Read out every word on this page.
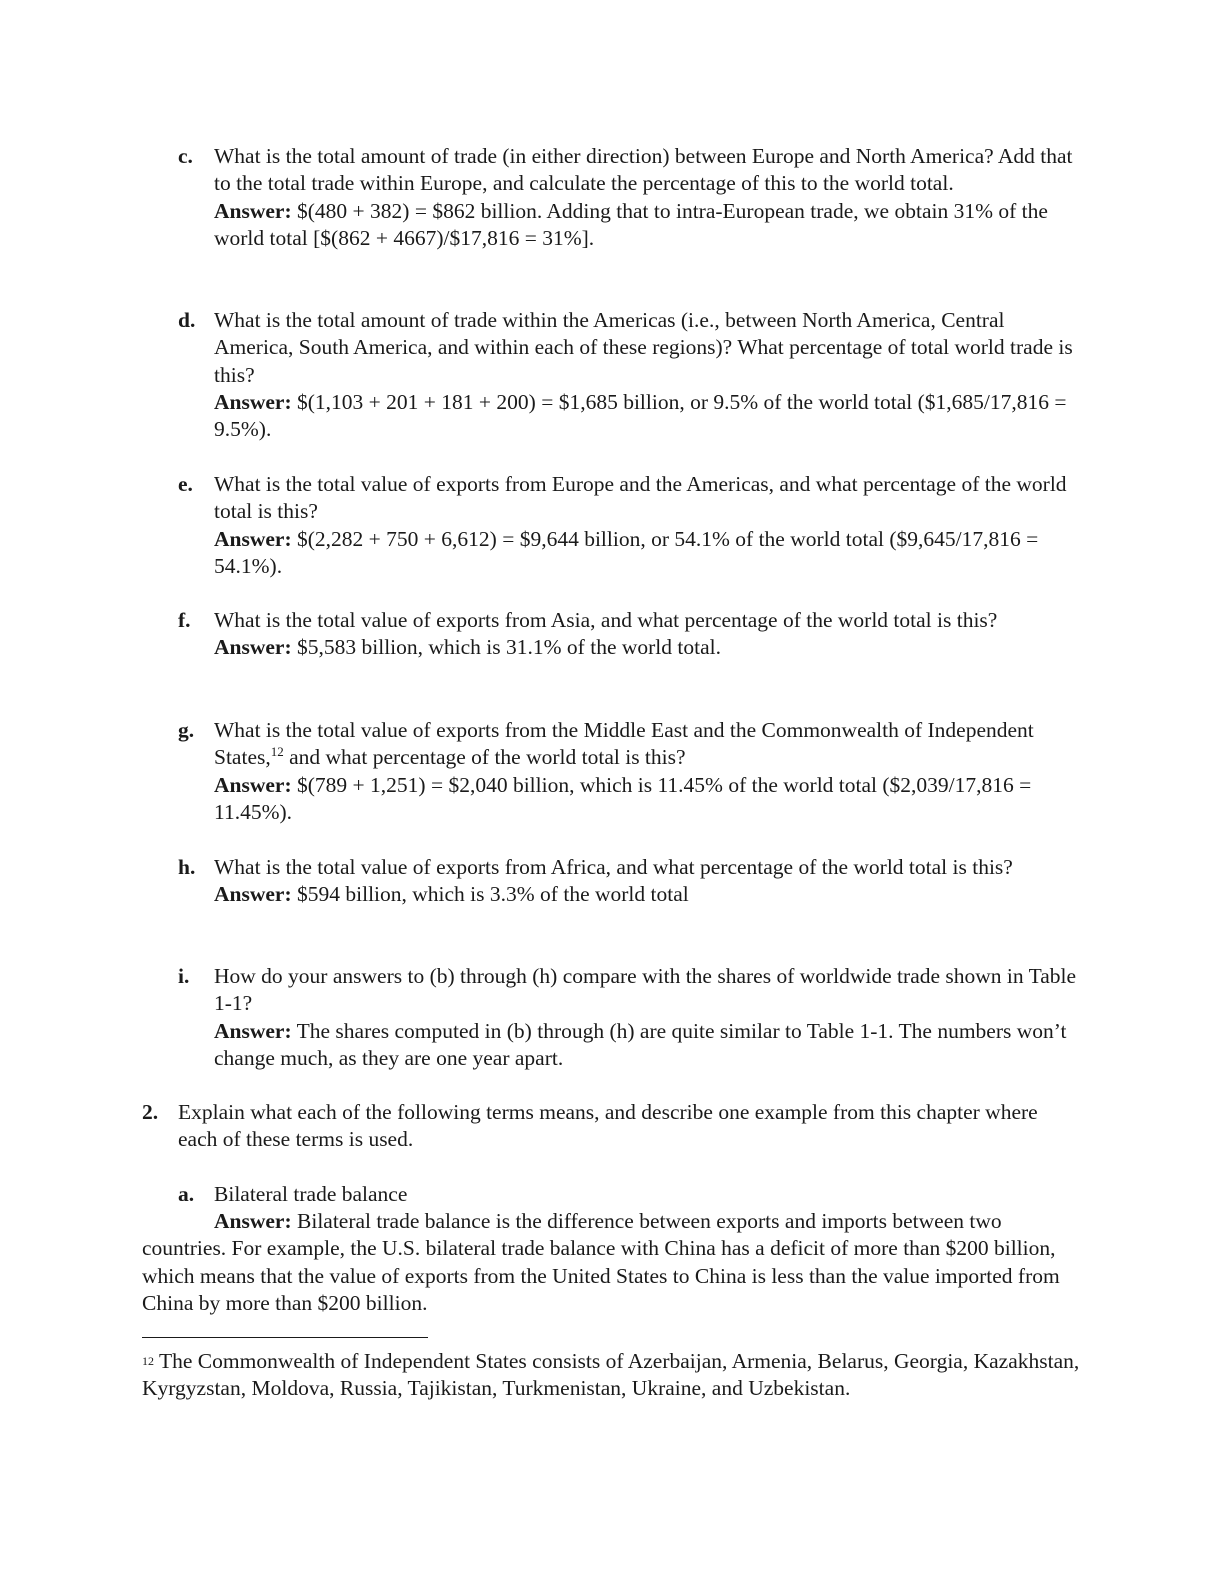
c. What is the total amount of trade (in either direction) between Europe and North America? Add that to the total trade within Europe, and calculate the percentage of this to the world total.

Answer: $(480 + 382) = $862 billion. Adding that to intra-European trade, we obtain 31% of the world total [$(862 + 4667)/$17,816 = 31%].

d. What is the total amount of trade within the Americas (i.e., between North America, Central America, South America, and within each of these regions)? What percentage of total world trade is this?

Answer: $(1,103 + 201 + 181 + 200) = $1,685 billion, or 9.5% of the world total ($1,685/17,816 = 9.5%).

e. What is the total value of exports from Europe and the Americas, and what percentage of the world total is this?

Answer: $(2,282 + 750 + 6,612) = $9,644 billion, or 54.1% of the world total ($9,645/17,816 = 54.1%).

f. What is the total value of exports from Asia, and what percentage of the world total is this?

Answer: $5,583 billion, which is 31.1% of the world total.

g. What is the total value of exports from the Middle East and the Commonwealth of Independent States,$^{12}$ and what percentage of the world total is this?

Answer: $(789 + 1,251) = $2,040 billion, which is 11.45% of the world total ($2,039/17,816 = 11.45%).

h. What is the total value of exports from Africa, and what percentage of the world total is this?

Answer: $594 billion, which is 3.3% of the world total

i. How do your answers to (b) through (h) compare with the shares of worldwide trade shown in Table 1-1?

Answer: The shares computed in (b) through (h) are quite similar to Table 1-1. The numbers won’t change much, as they are one year apart.

2. Explain what each of the following terms means, and describe one example from this chapter where each of these terms is used.

a. Bilateral trade balance

Answer: Bilateral trade balance is the difference between exports and imports between two countries. For example, the U.S. bilateral trade balance with China has a deficit of more than $200 billion, which means that the value of exports from the United States to China is less than the value imported from China by more than $200 billion.

$^{12}$ The Commonwealth of Independent States consists of Azerbaijan, Armenia, Belarus, Georgia, Kazakhstan, Kyrgyzstan, Moldova, Russia, Tajikistan, Turkmenistan, Ukraine, and Uzbekistan.
